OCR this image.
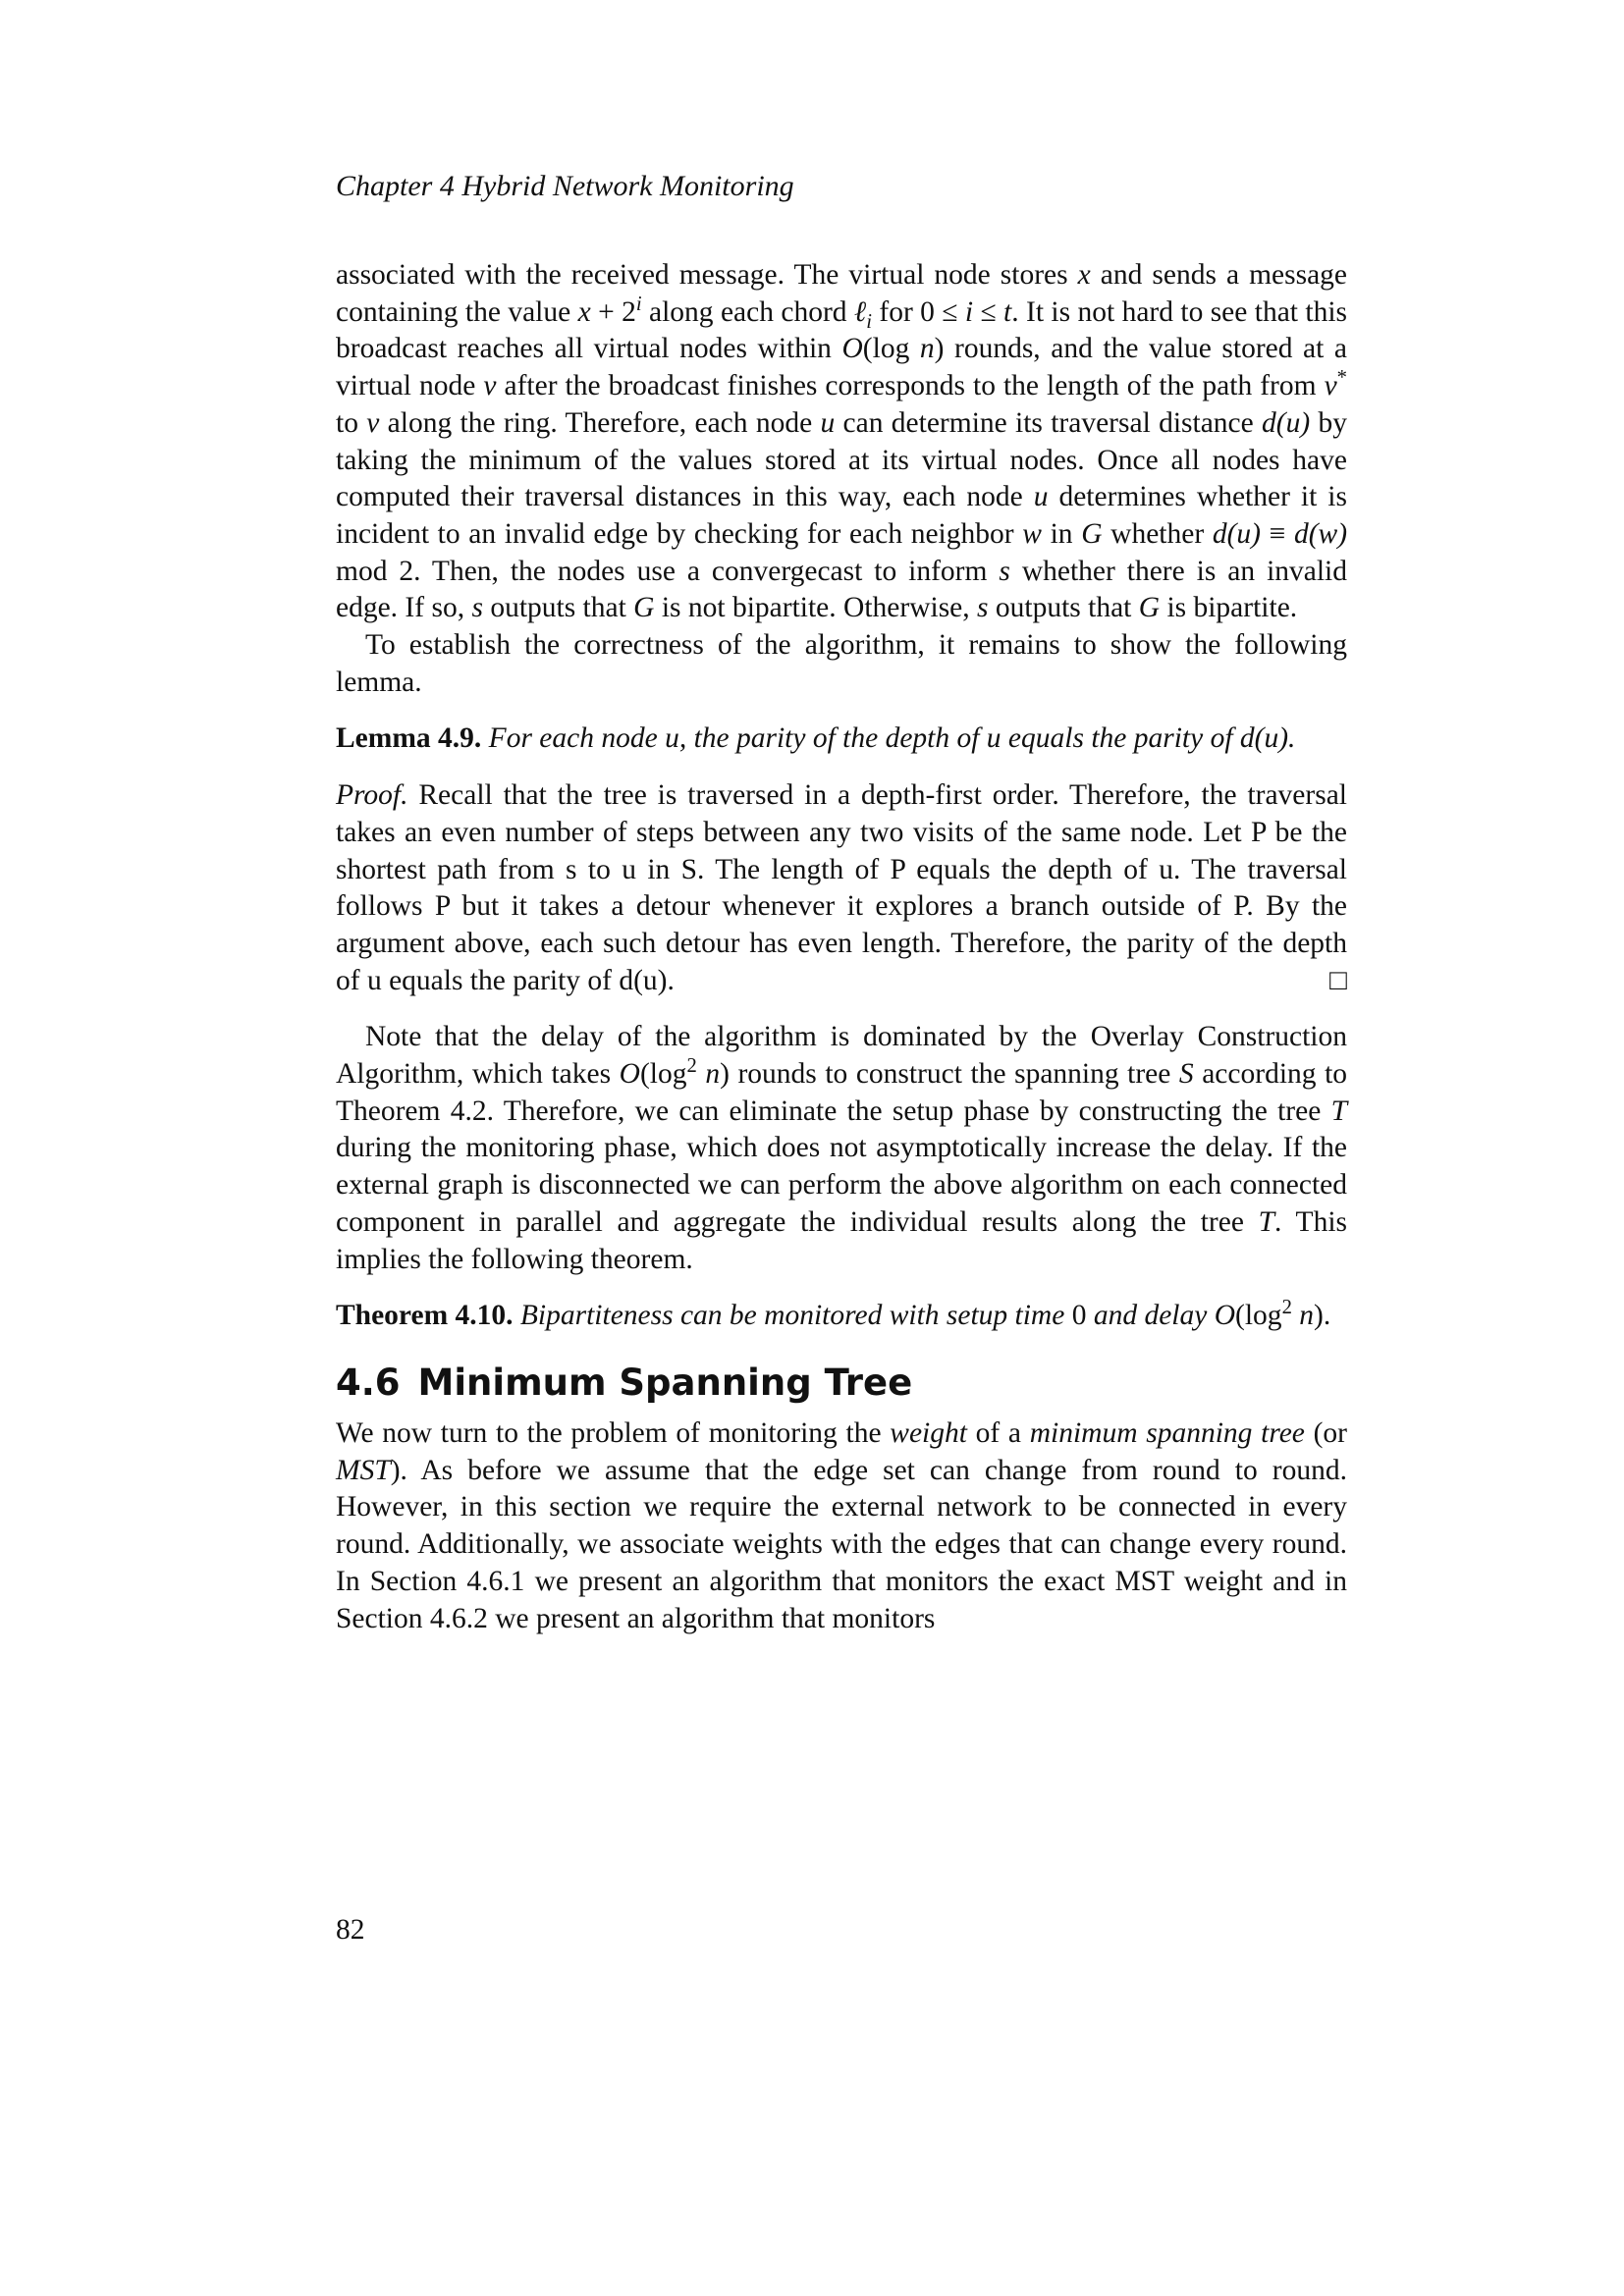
Chapter 4 Hybrid Network Monitoring

associated with the received message. The virtual node stores x and sends a message containing the value $x + 2^i$ along each chord ℓ$_i$ for 0 ≤ i ≤ t. It is not hard to see that this broadcast reaches all virtual nodes within O(log n) rounds, and the value stored at a virtual node v after the broadcast finishes corresponds to the length of the path from v* to v along the ring. Therefore, each node u can determine its traversal distance d(u) by taking the minimum of the values stored at its virtual nodes. Once all nodes have computed their traversal distances in this way, each node u determines whether it is incident to an invalid edge by checking for each neighbor w in G whether d(u) ≡ d(w) mod 2. Then, the nodes use a convergecast to inform s whether there is an invalid edge. If so, s outputs that G is not bipartite. Otherwise, s outputs that G is bipartite.

To establish the correctness of the algorithm, it remains to show the following lemma.

Lemma 4.9. For each node u, the parity of the depth of u equals the parity of d(u).

Proof. Recall that the tree is traversed in a depth-first order. Therefore, the traversal takes an even number of steps between any two visits of the same node. Let P be the shortest path from s to u in S. The length of P equals the depth of u. The traversal follows P but it takes a detour whenever it explores a branch outside of P. By the argument above, each such detour has even length. Therefore, the parity of the depth of u equals the parity of d(u).	□

Note that the delay of the algorithm is dominated by the Overlay Construction Algorithm, which takes $O(\log^2$ n) rounds to construct the spanning tree S according to Theorem 4.2. Therefore, we can eliminate the setup phase by constructing the tree T during the monitoring phase, which does not asymptotically increase the delay. If the external graph is disconnected we can perform the above algorithm on each connected component in parallel and aggregate the individual results along the tree T. This implies the following theorem.

Theorem 4.10. Bipartiteness can be monitored with setup time 0 and delay $O(\log^2$ n).

4.6 Minimum Spanning Tree

We now turn to the problem of monitoring the weight of a minimum spanning tree (or MST). As before we assume that the edge set can change from round to round. However, in this section we require the external network to be connected in every round. Additionally, we associate weights with the edges that can change every round. In Section 4.6.1 we present an algorithm that monitors the exact MST weight and in Section 4.6.2 we present an algorithm that monitors

82
